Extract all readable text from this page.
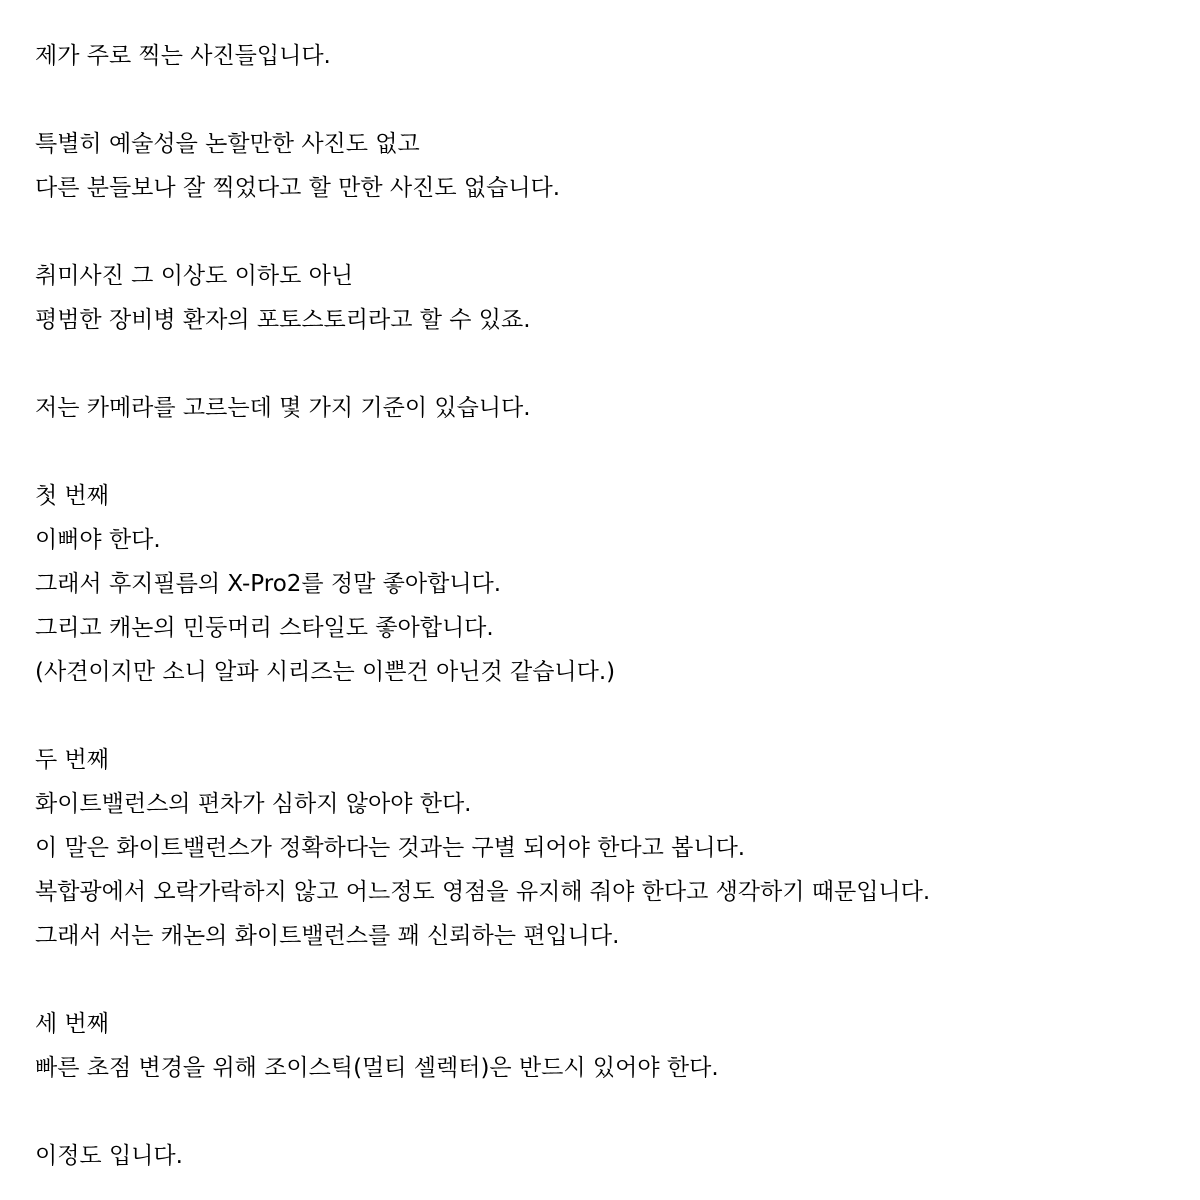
제가 주로 찍는 사진들입니다.
특별히 예술성을 논할만한 사진도 없고
다른 분들보나 잘 찍었다고 할 만한 사진도 없습니다.
취미사진 그 이상도 이하도 아닌
평범한 장비병 환자의 포토스토리라고 할 수 있죠.
저는 카메라를 고르는데 몇 가지 기준이 있습니다.
첫 번째
이뻐야 한다.
그래서 후지필름의 X-Pro2를 정말 좋아합니다.
그리고 캐논의 민둥머리 스타일도 좋아합니다.
(사견이지만 소니 알파 시리즈는 이쁜건 아닌것 같습니다.)
두 번째
화이트밸런스의 편차가 심하지 않아야 한다.
이 말은 화이트밸런스가 정확하다는 것과는 구별 되어야 한다고 봅니다.
복합광에서 오락가락하지 않고 어느정도 영점을 유지해 줘야 한다고 생각하기 때문입니다.
그래서 서는 캐논의 화이트밸런스를 꽤 신뢰하는 편입니다.
세 번째
빠른 초점 변경을 위해 조이스틱(멀티 셀렉터)은 반드시 있어야 한다.
이정도 입니다.
